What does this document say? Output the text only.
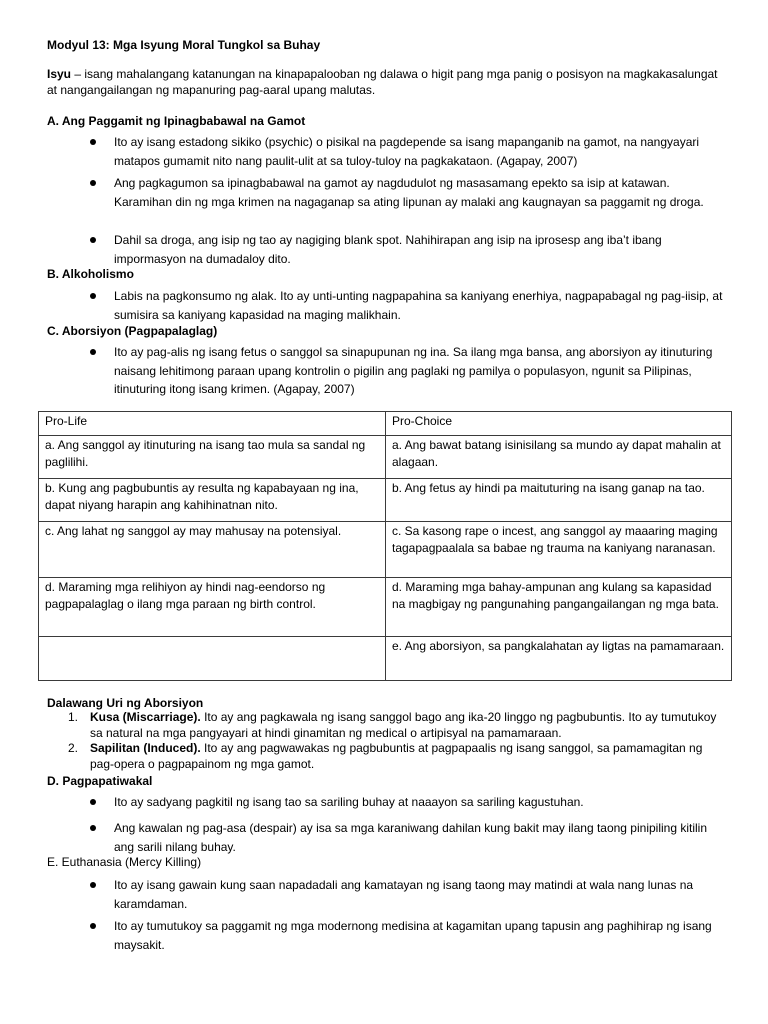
Modyul 13: Mga Isyung Moral Tungkol sa Buhay
Isyu – isang mahalangang katanungan na kinapapalooban ng dalawa o higit pang mga panig o posisyon na magkakasalungat at nangangailangan ng mapanuring pag-aaral upang malutas.
A. Ang Paggamit ng Ipinagbabawal na Gamot
Ito ay isang estadong sikiko (psychic) o pisikal na pagdepende sa isang mapanganib na gamot, na nangyayari matapos gumamit nito nang paulit-ulit at sa tuloy-tuloy na pagkakataon. (Agapay, 2007)
Ang pagkagumon sa ipinagbabawal na gamot ay nagdudulot ng masasamang epekto sa isip at katawan. Karamihan din ng mga krimen na nagaganap sa ating lipunan ay malaki ang kaugnayan sa paggamit ng droga.
Dahil sa droga, ang isip ng tao ay nagiging blank spot. Nahihirapan ang isip na iprosesp ang iba’t ibang impormasyon na dumadaloy dito.
B. Alkoholismo
Labis na pagkonsumo ng alak. Ito ay unti-unting nagpapahina sa kaniyang enerhiya, nagpapabagal ng pag-iisip, at sumisira sa kaniyang kapasidad na maging malikhain.
C. Aborsiyon (Pagpapalaglag)
Ito ay pag-alis ng isang fetus o sanggol sa sinapupunan ng ina. Sa ilang mga bansa, ang aborsiyon ay itinuturing naisang lehitimong paraan upang kontrolin o pigilin ang paglaki ng pamilya o populasyon, ngunit sa Pilipinas, itinuturing itong isang krimen. (Agapay, 2007)
Pro-Life	Pro-Choice
a. Ang sanggol ay itinuturing na isang tao mula sa sandal ng paglilihi.	a. Ang bawat batang isinisilang sa mundo ay dapat mahalin at alagaan.
b. Kung ang pagbubuntis ay resulta ng kapabayaan ng ina, dapat niyang harapin ang kahihinatnan nito.	b. Ang fetus ay hindi pa maituturing na isang ganap na tao.
c. Ang lahat ng sanggol ay may mahusay na potensiyal.	c. Sa kasong rape o incest, ang sanggol ay maaaring maging tagapagpaalala sa babae ng trauma na kaniyang naranasan.
d. Maraming mga relihiyon ay hindi nag-eendorso ng pagpapalaglag o ilang mga paraan ng birth control.	d. Maraming mga bahay-ampunan ang kulang sa kapasidad na magbigay ng pangunahing pangangailangan ng mga bata.
	e. Ang aborsiyon, sa pangkalahatan ay ligtas na pamamaraan.
Dalawang Uri ng Aborsiyon
1. Kusa (Miscarriage). Ito ay ang pagkawala ng isang sanggol bago ang ika-20 linggo ng pagbubuntis. Ito ay tumutukoy sa natural na mga pangyayari at hindi ginamitan ng medical o artipisyal na pamamaraan.
2. Sapilitan (Induced). Ito ay ang pagwawakas ng pagbubuntis at pagpapaalis ng isang sanggol, sa pamamagitan ng pag-opera o pagpapainom ng mga gamot.
D. Pagpapatiwakal
Ito ay sadyang pagkitil ng isang tao sa sariling buhay at naaayon sa sariling kagustuhan.
Ang kawalan ng pag-asa (despair) ay isa sa mga karaniwang dahilan kung bakit may ilang taong pinipiling kitilin ang sarili nilang buhay.
E. Euthanasia (Mercy Killing)
Ito ay isang gawain kung saan napadadali ang kamatayan ng isang taong may matindi at wala nang lunas na karamdaman.
Ito ay tumutukoy sa paggamit ng mga modernong medisina at kagamitan upang tapusin ang paghihirap ng isang maysakit.
